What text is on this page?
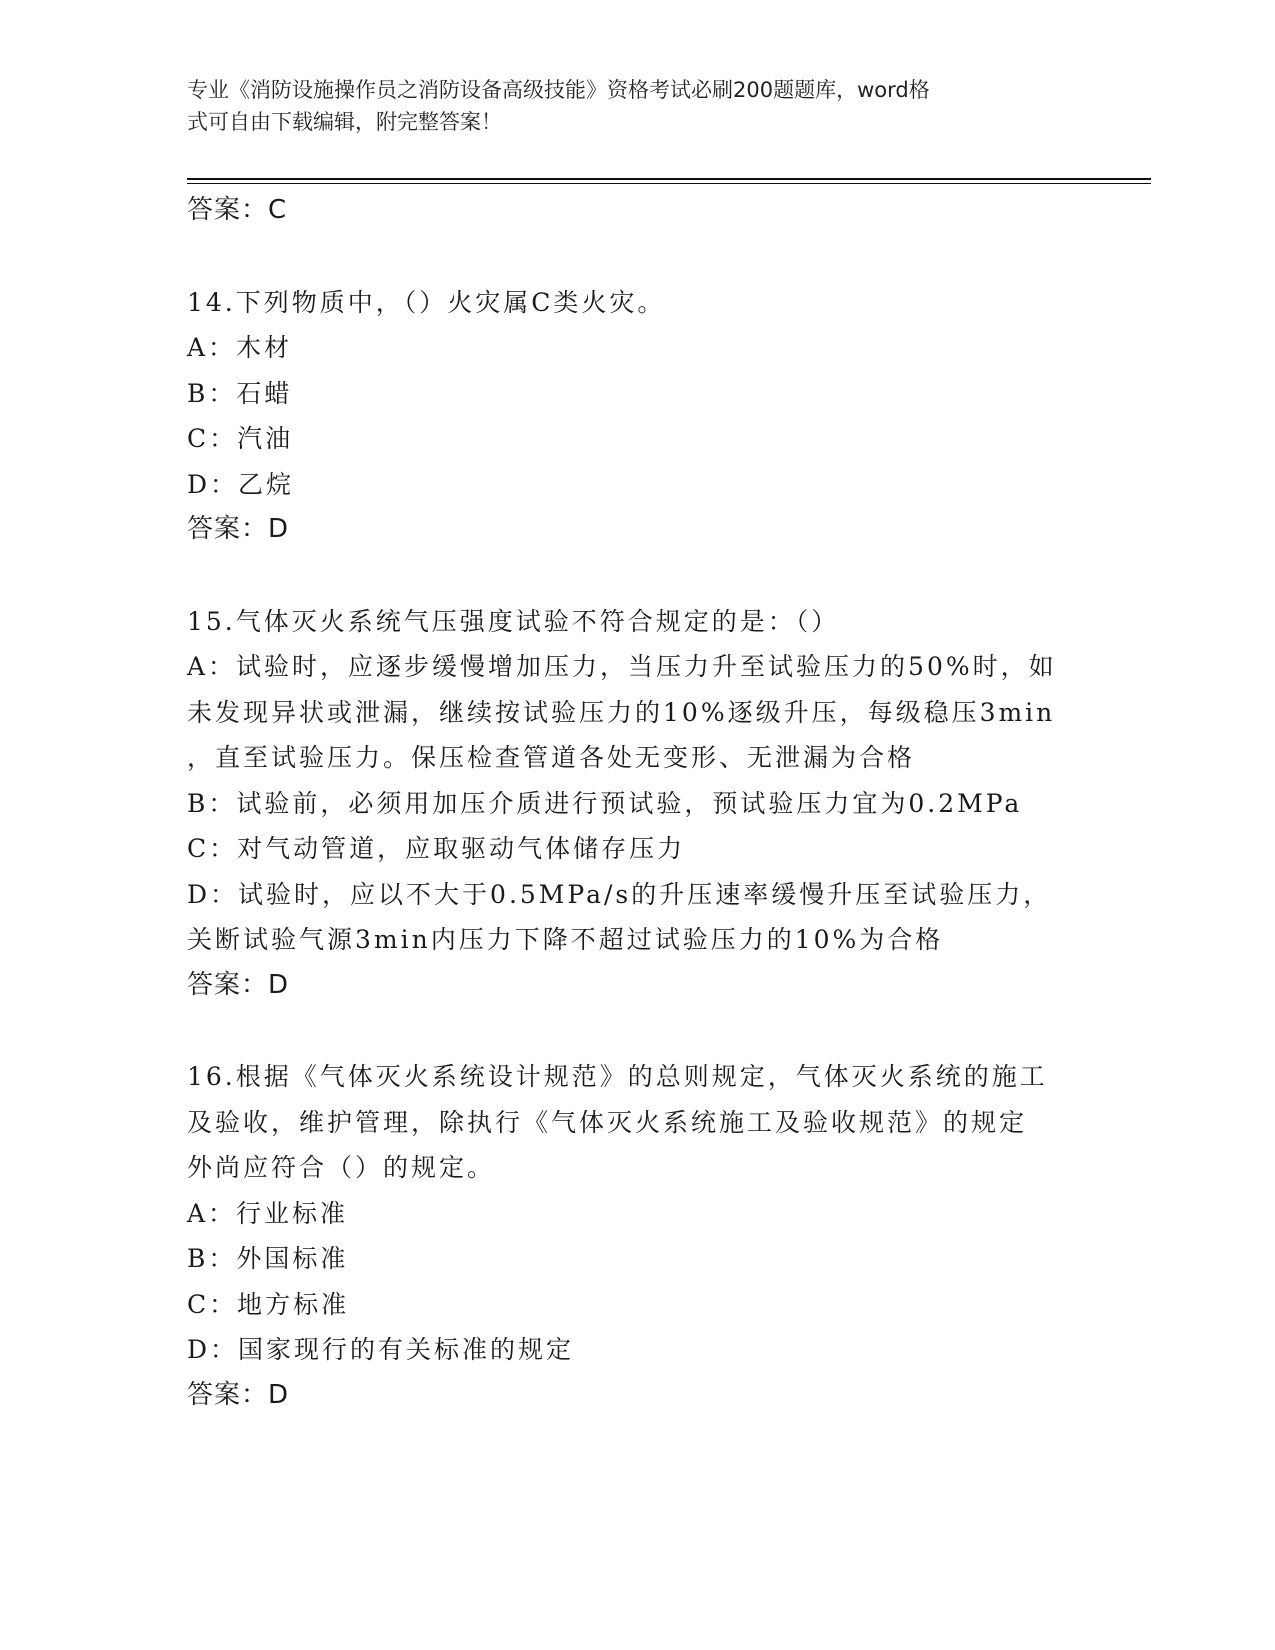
专业《消防设施操作员之消防设备高级技能》资格考试必刷200题题库，word格
式可自由下载编辑，附完整答案！
答案：C
14.下列物质中，（）火灾属C类火灾。
A：木材
B：石蜡
C：汽油
D：乙烷
答案：D
15.气体灭火系统气压强度试验不符合规定的是：（）
A：试验时，应逐步缓慢增加压力，当压力升至试验压力的50%时，如
未发现异状或泄漏，继续按试验压力的10%逐级升压，每级稳压3min
，直至试验压力。保压检查管道各处无变形、无泄漏为合格
B：试验前，必须用加压介质进行预试验，预试验压力宜为0.2MPa
C：对气动管道，应取驱动气体储存压力
D：试验时，应以不大于0.5MPa/s的升压速率缓慢升压至试验压力，
关断试验气源3min内压力下降不超过试验压力的10%为合格
答案：D
16.根据《气体灭火系统设计规范》的总则规定，气体灭火系统的施工
及验收，维护管理，除执行《气体灭火系统施工及验收规范》的规定
外尚应符合（）的规定。
A：行业标准
B：外国标准
C：地方标准
D：国家现行的有关标准的规定
答案：D
